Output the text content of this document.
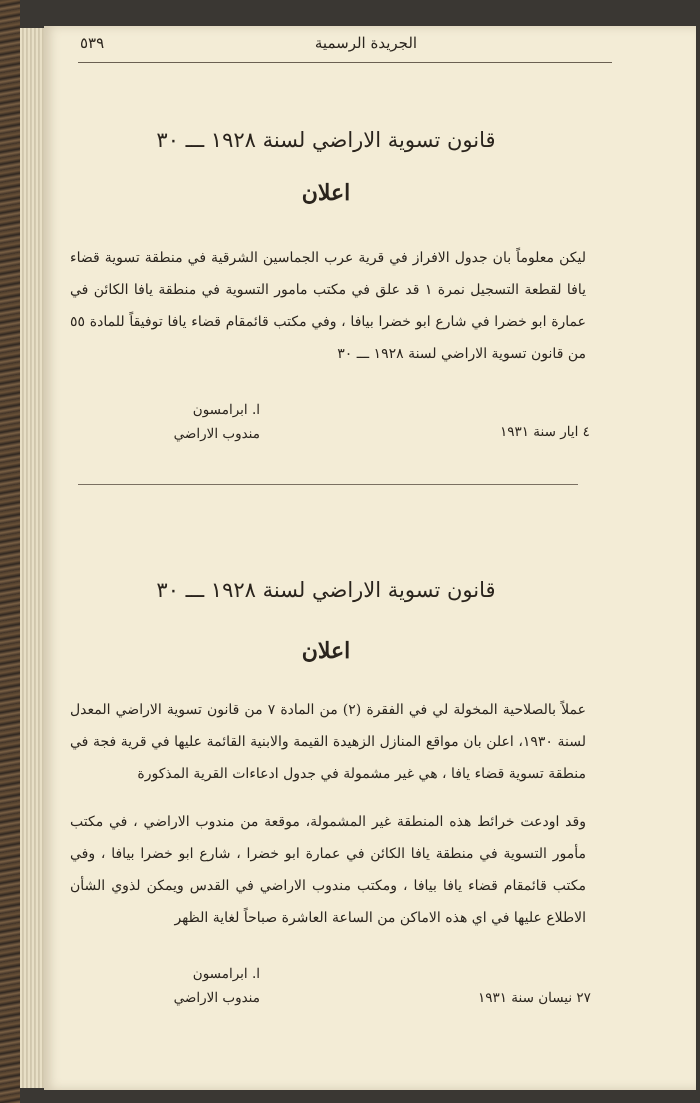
٥٣٩	الجريدة الرسمية
قانون تسوية الاراضي لسنة ١٩٢٨ ـــ ٣٠
اعلان

ليكن معلوماً بان جدول الافراز في قرية عرب الجماسين الشرقية في منطقة تسوية قضاء يافا لقطعة التسجيل نمرة ١ قد علق في مكتب مامور التسوية في منطقة يافا الكائن في عمارة ابو خضرا في شارع ابو خضرا بيافا ، وفي مكتب قائمقام قضاء يافا توفيقاً للمادة ٥٥ من قانون تسوية الاراضي لسنة ١٩٢٨ ـــ ٣٠

ا. ابرامسون
مندوب الاراضي	٤ ايار سنة ١٩٣١
قانون تسوية الاراضي لسنة ١٩٢٨ ـــ ٣٠
اعلان

عملاً بالصلاحية المخولة لي في الفقرة (٢) من المادة ٧ من قانون تسوية الاراضي المعدل لسنة ١٩٣٠، اعلن بان مواقع المنازل الزهيدة القيمة والابنية القائمة عليها في قرية فجة في منطقة تسوية قضاء يافا ، هي غير مشمولة في جدول ادعاءات القرية المذكورة

وقد اودعت خرائط هذه المنطقة غير المشمولة، موقعة من مندوب الاراضي ، في مكتب مأمور التسوية في منطقة يافا الكائن في عمارة ابو خضرا ، شارع ابو خضرا بيافا ، وفي مكتب قائمقام قضاء يافا بيافا ، ومكتب مندوب الاراضي في القدس ويمكن لذوي الشأن الاطلاع عليها في اي هذه الاماكن من الساعة العاشرة صباحاً لغاية الظهر

ا. ابرامسون
مندوب الاراضي	٢٧ نيسان سنة ١٩٣١
